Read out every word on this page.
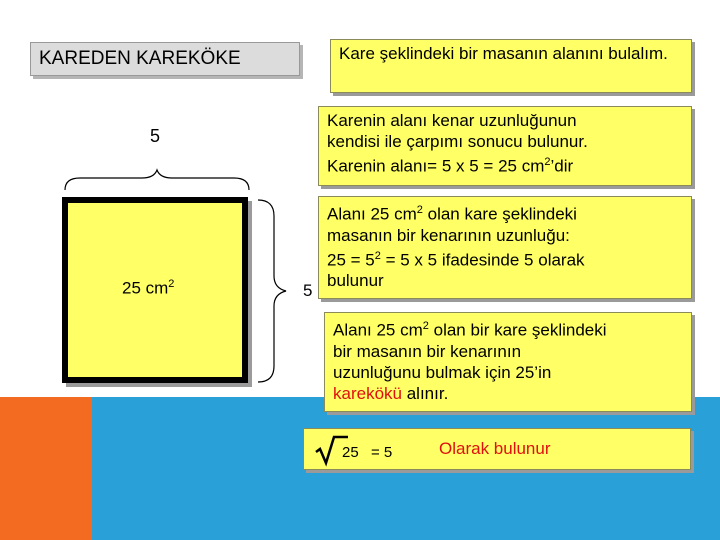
KAREDEN KAREKÖKE	Kare şeklindeki bir masanın alanını bulalım.
Karenin alanı kenar uzunluğunun
kendisi ile çarpımı sonucu bulunur.
Karenin alanı= 5 x 5 = 25 $cm^2’dir$
Alanı 25 $cm^2$ olan kare şeklindeki
masanın bir kenarının uzunluğu:
$25 = 5^2 = 5$ x 5 ifadesinde 5 olarak
bulunur
5
Alanı 25 $cm^2$ olan bir kare şeklindeki
bir masanın bir kenarının
uzunluğunu bulmak için 25’in
karekökü alınır.
25 = 5	Olarak bulunur
5
25 $cm^2$
